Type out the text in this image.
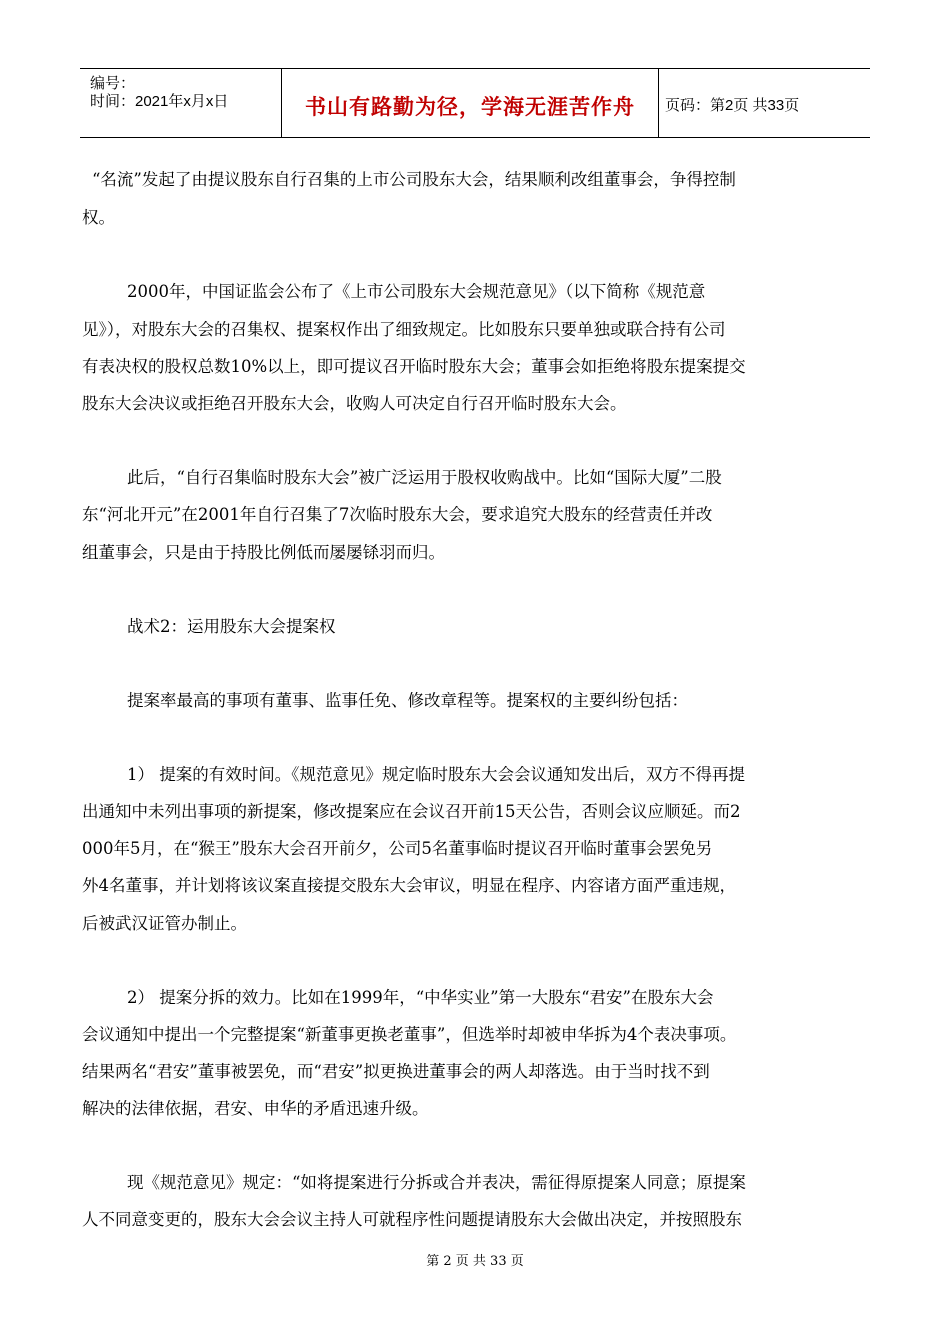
编号：
时间：2021年x月x日	书山有路勤为径，学海无涯苦作舟	页码：第2页 共33页
“名流”发起了由提议股东自行召集的上市公司股东大会，结果顺利改组董事会，争得控制
权。
2000年，中国证监会公布了《上市公司股东大会规范意见》（以下简称《规范意
见》），对股东大会的召集权、提案权作出了细致规定。比如股东只要单独或联合持有公司
有表决权的股权总数10%以上，即可提议召开临时股东大会；董事会如拒绝将股东提案提交
股东大会决议或拒绝召开股东大会，收购人可决定自行召开临时股东大会。
此后，“自行召集临时股东大会”被广泛运用于股权收购战中。比如“国际大厦”二股
东“河北开元”在2001年自行召集了7次临时股东大会，要求追究大股东的经营责任并改
组董事会，只是由于持股比例低而屡屡铩羽而归。
战术2：运用股东大会提案权
提案率最高的事项有董事、监事任免、修改章程等。提案权的主要纠纷包括：
1） 提案的有效时间。《规范意见》规定临时股东大会会议通知发出后，双方不得再提
出通知中未列出事项的新提案，修改提案应在会议召开前15天公告，否则会议应顺延。而2
000年5月，在“猴王”股东大会召开前夕，公司5名董事临时提议召开临时董事会罢免另
外4名董事，并计划将该议案直接提交股东大会审议，明显在程序、内容诸方面严重违规，
后被武汉证管办制止。
2） 提案分拆的效力。比如在1999年，“中华实业”第一大股东“君安”在股东大会
会议通知中提出一个完整提案“新董事更换老董事”，但选举时却被申华拆为4个表决事项。
结果两名“君安”董事被罢免，而“君安”拟更换进董事会的两人却落选。由于当时找不到
解决的法律依据，君安、申华的矛盾迅速升级。
现《规范意见》规定：“如将提案进行分拆或合并表决，需征得原提案人同意；原提案
人不同意变更的，股东大会会议主持人可就程序性问题提请股东大会做出决定，并按照股东
第 2 页 共 33 页
